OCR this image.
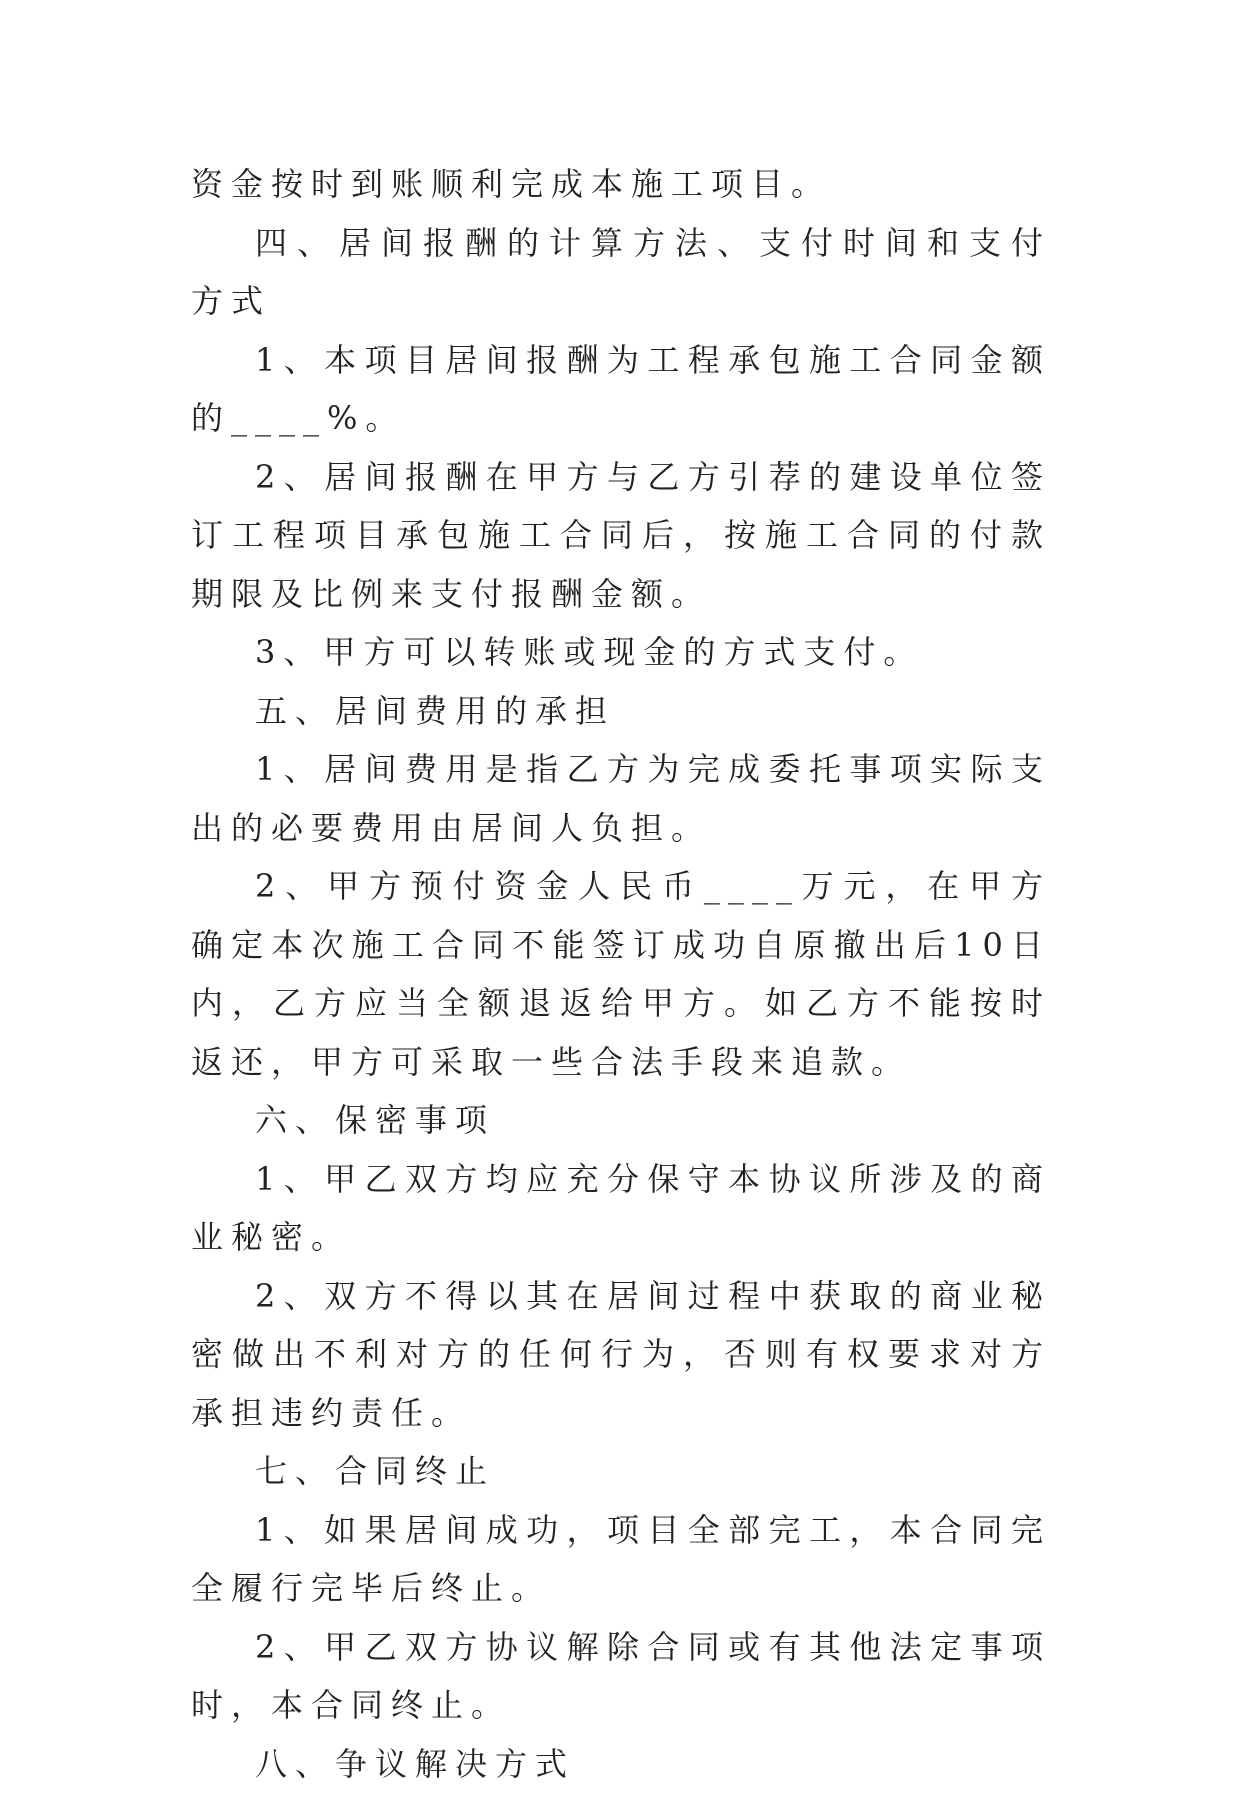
资金按时到账顺利完成本施工项目。

四、居间报酬的计算方法、支付时间和支付方式

1、本项目居间报酬为工程承包施工合同金额的____%。

2、居间报酬在甲方与乙方引荐的建设单位签订工程项目承包施工合同后，按施工合同的付款期限及比例来支付报酬金额。

3、甲方可以转账或现金的方式支付。

五、居间费用的承担

1、居间费用是指乙方为完成委托事项实际支出的必要费用由居间人负担。

2、甲方预付资金人民币____万元，在甲方确定本次施工合同不能签订成功自原撤出后10日内，乙方应当全额退返给甲方。如乙方不能按时返还，甲方可采取一些合法手段来追款。

六、保密事项

1、甲乙双方均应充分保守本协议所涉及的商业秘密。

2、双方不得以其在居间过程中获取的商业秘密做出不利对方的任何行为，否则有权要求对方承担违约责任。

七、合同终止

1、如果居间成功，项目全部完工，本合同完全履行完毕后终止。

2、甲乙双方协议解除合同或有其他法定事项时，本合同终止。

八、争议解决方式
